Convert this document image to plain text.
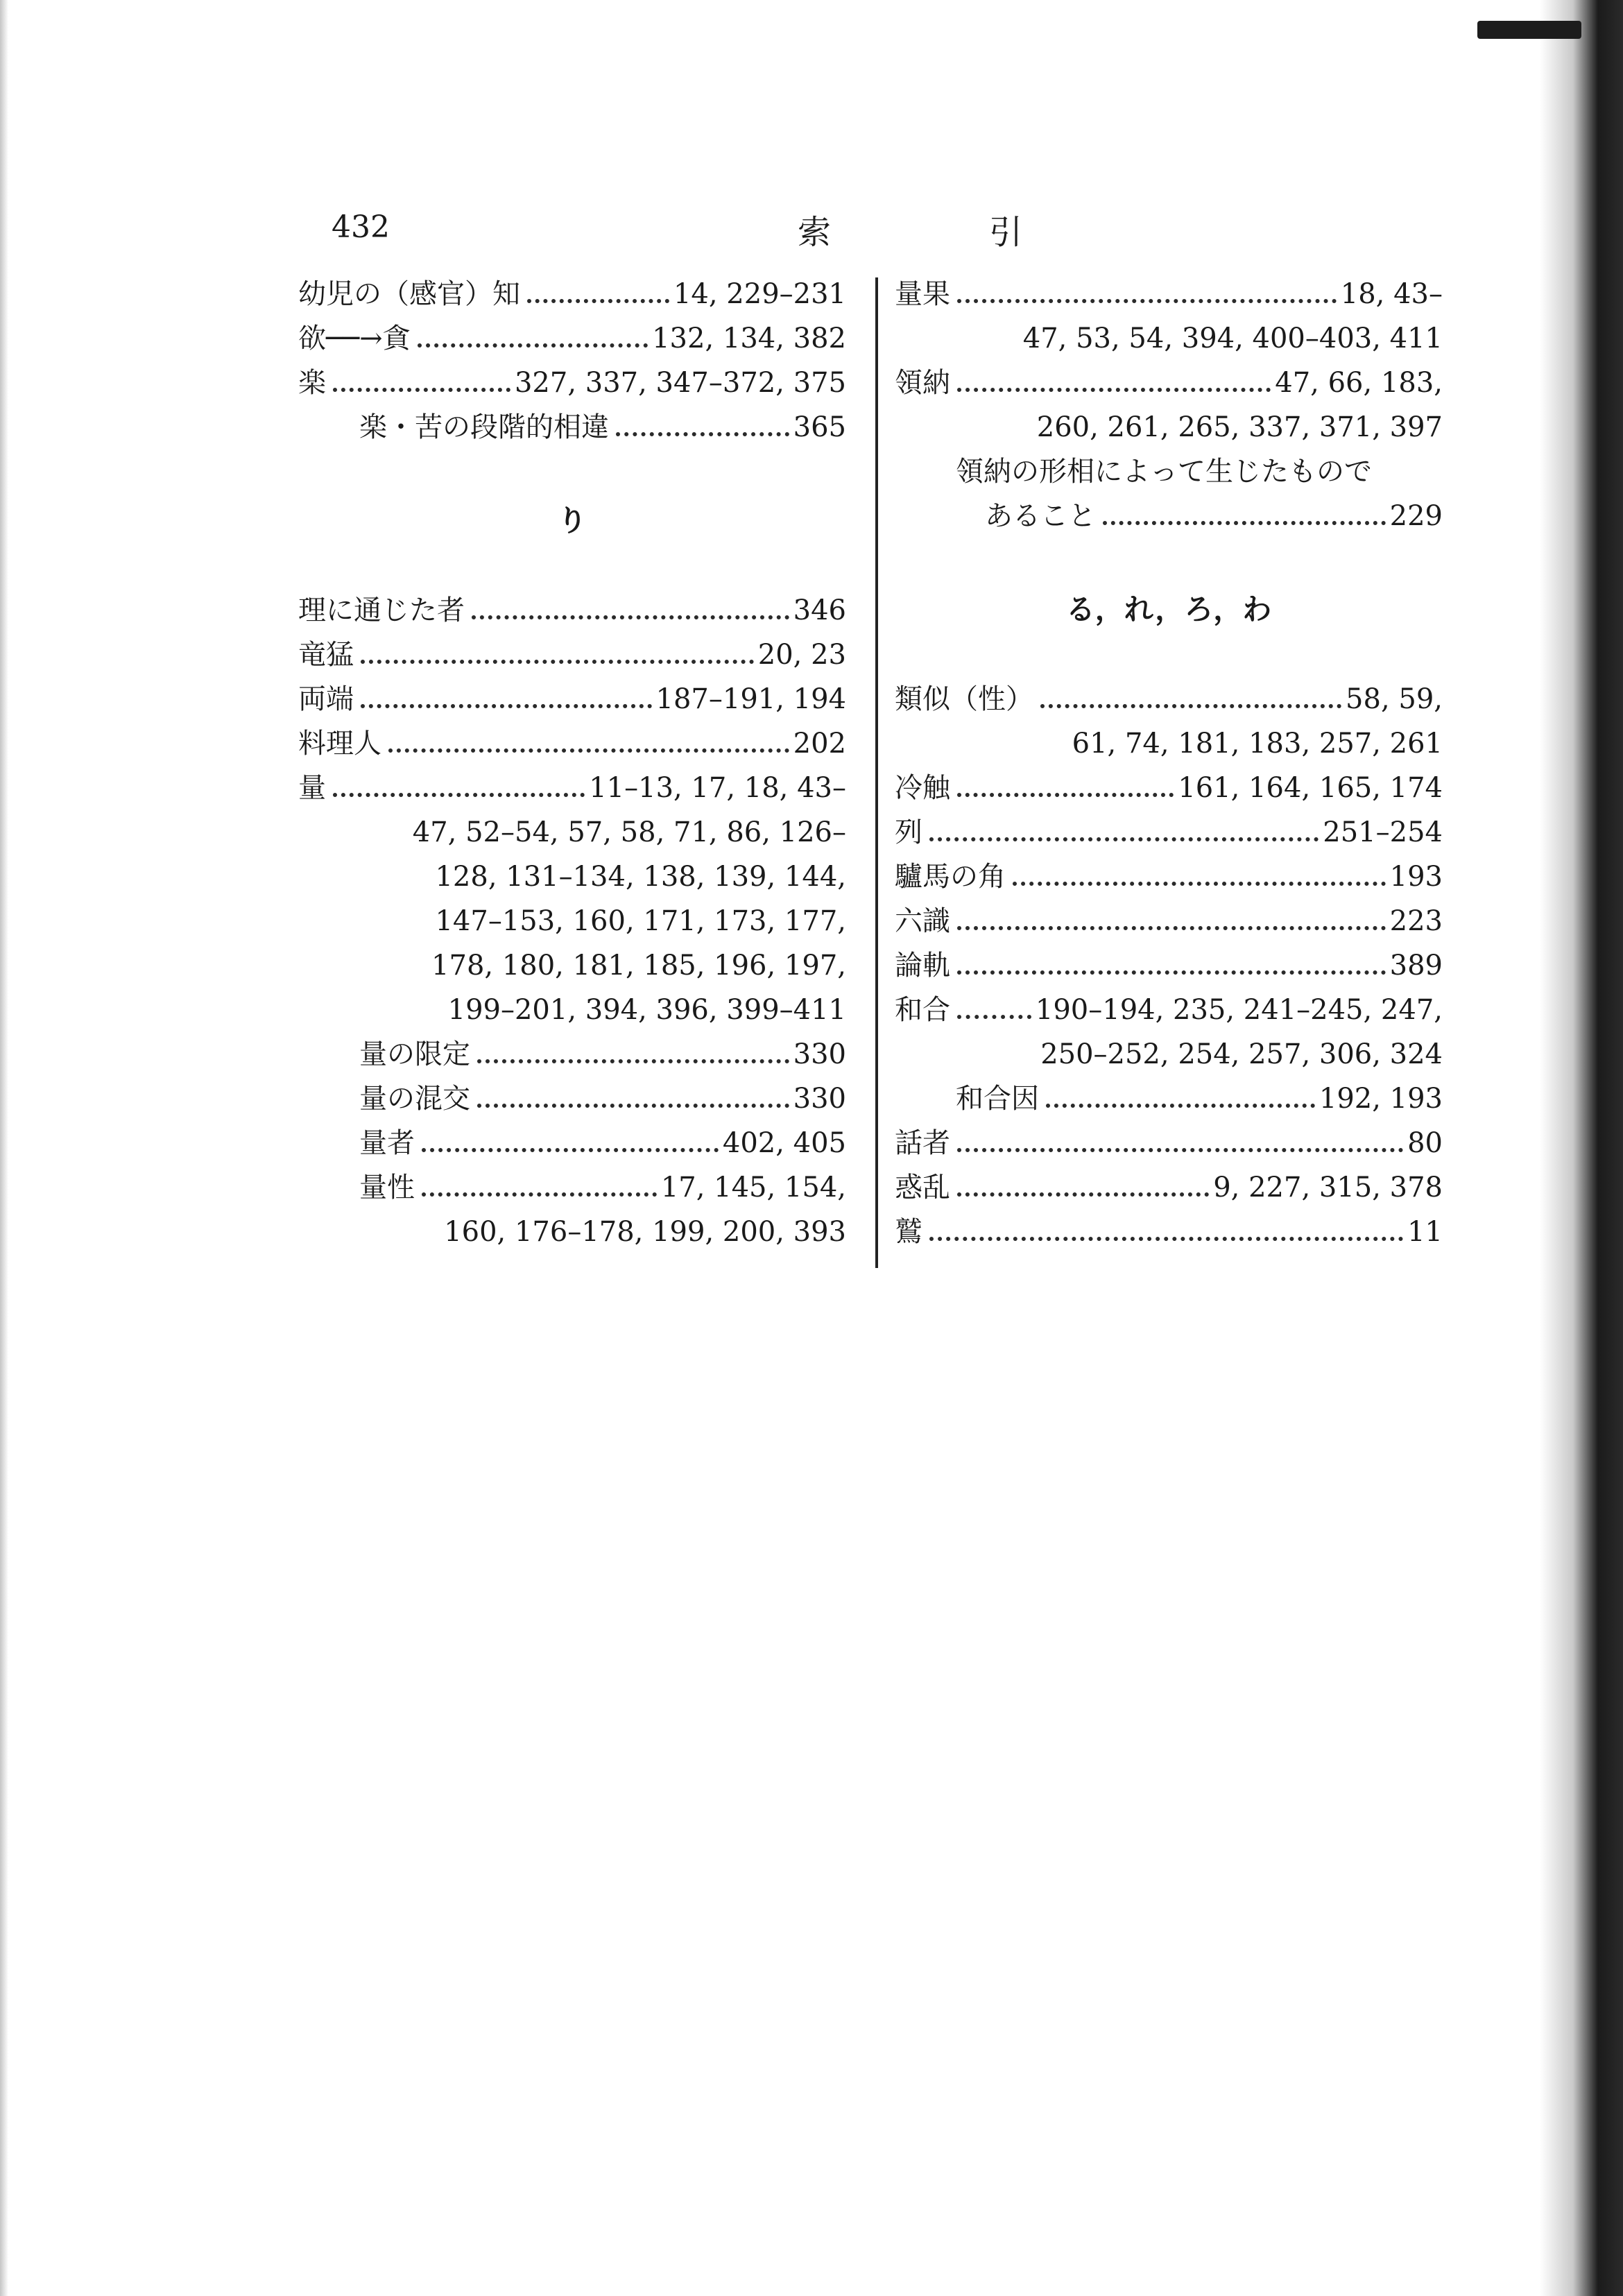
432	索　引
幼児の（感官）知	14, 229–231
欲──→貪	132, 134, 382
楽	327, 337, 347–372, 375
楽・苦の段階的相違	365
り
理に通じた者	346
竜猛	20, 23
両端	187–191, 194
料理人	202
量	11–13, 17, 18, 43–
47, 52–54, 57, 58, 71, 86, 126–
128, 131–134, 138, 139, 144,
147–153, 160, 171, 173, 177,
178, 180, 181, 185, 196, 197,
199–201, 394, 396, 399–411
量の限定	330
量の混交	330
量者	402, 405
量性	17, 145, 154,
160, 176–178, 199, 200, 393
量果	18, 43–
47, 53, 54, 394, 400–403, 411
領納	47, 66, 183,
260, 261, 265, 337, 371, 397
領納の形相によって生じたもので
あること	229
る，れ，ろ，わ
類似（性）	58, 59,
61, 74, 181, 183, 257, 261
冷触	161, 164, 165, 174
列	251–254
驢馬の角	193
六識	223
論軌	389
和合	190–194, 235, 241–245, 247,
250–252, 254, 257, 306, 324
和合因	192, 193
話者	80
惑乱	9, 227, 315, 378
鷲	11
